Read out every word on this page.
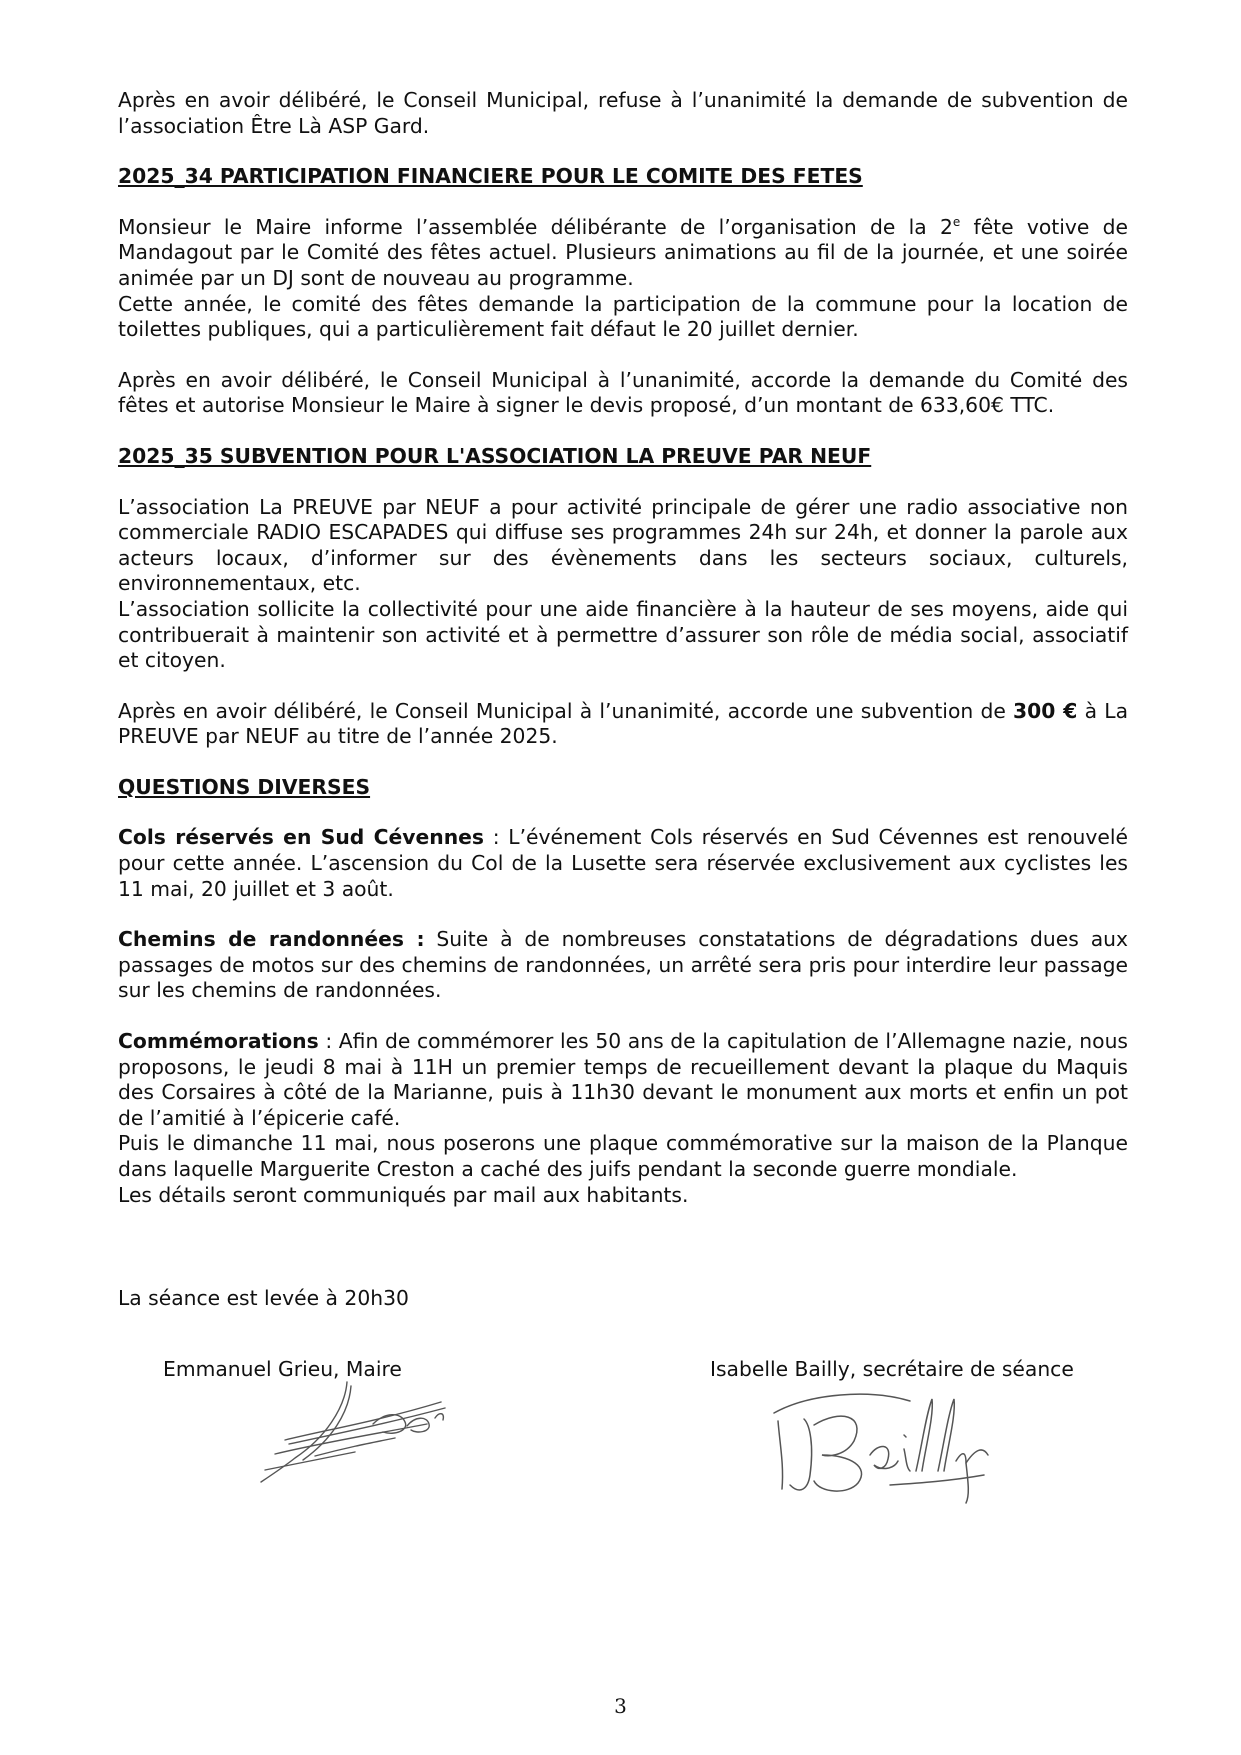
Après en avoir délibéré, le Conseil Municipal, refuse à l’unanimité la demande de subvention de l’association Être Là ASP Gard.

2025_34 PARTICIPATION FINANCIERE POUR LE COMITE DES FETES

Monsieur le Maire informe l’assemblée délibérante de l’organisation de la 2e fête votive de Mandagout par le Comité des fêtes actuel. Plusieurs animations au fil de la journée, et une soirée animée par un DJ sont de nouveau au programme.

Cette année, le comité des fêtes demande la participation de la commune pour la location de toilettes publiques, qui a particulièrement fait défaut le 20 juillet dernier.

Après en avoir délibéré, le Conseil Municipal à l’unanimité, accorde la demande du Comité des fêtes et autorise Monsieur le Maire à signer le devis proposé, d’un montant de 633,60€ TTC.

2025_35 SUBVENTION POUR L'ASSOCIATION LA PREUVE PAR NEUF

L’association La PREUVE par NEUF a pour activité principale de gérer une radio associative non commerciale RADIO ESCAPADES qui diffuse ses programmes 24h sur 24h, et donner la parole aux acteurs locaux, d’informer sur des évènements dans les secteurs sociaux, culturels, environnementaux, etc.

L’association sollicite la collectivité pour une aide financière à la hauteur de ses moyens, aide qui contribuerait à maintenir son activité et à permettre d’assurer son rôle de média social, associatif et citoyen.

Après en avoir délibéré, le Conseil Municipal à l’unanimité, accorde une subvention de 300 € à La PREUVE par NEUF au titre de l’année 2025.

QUESTIONS DIVERSES

Cols réservés en Sud Cévennes : L’événement Cols réservés en Sud Cévennes est renouvelé pour cette année. L’ascension du Col de la Lusette sera réservée exclusivement aux cyclistes les 11 mai, 20 juillet et 3 août.

Chemins de randonnées : Suite à de nombreuses constatations de dégradations dues aux passages de motos sur des chemins de randonnées, un arrêté sera pris pour interdire leur passage sur les chemins de randonnées.

Commémorations : Afin de commémorer les 50 ans de la capitulation de l’Allemagne nazie, nous proposons, le jeudi 8 mai à 11H un premier temps de recueillement devant la plaque du Maquis des Corsaires à côté de la Marianne, puis à 11h30 devant le monument aux morts et enfin un pot de l’amitié à l’épicerie café.

Puis le dimanche 11 mai, nous poserons une plaque commémorative sur la maison de la Planque dans laquelle Marguerite Creston a caché des juifs pendant la seconde guerre mondiale.

Les détails seront communiqués par mail aux habitants.

La séance est levée à 20h30
Emmanuel Grieu, Maire	Isabelle Bailly, secrétaire de séance
3
